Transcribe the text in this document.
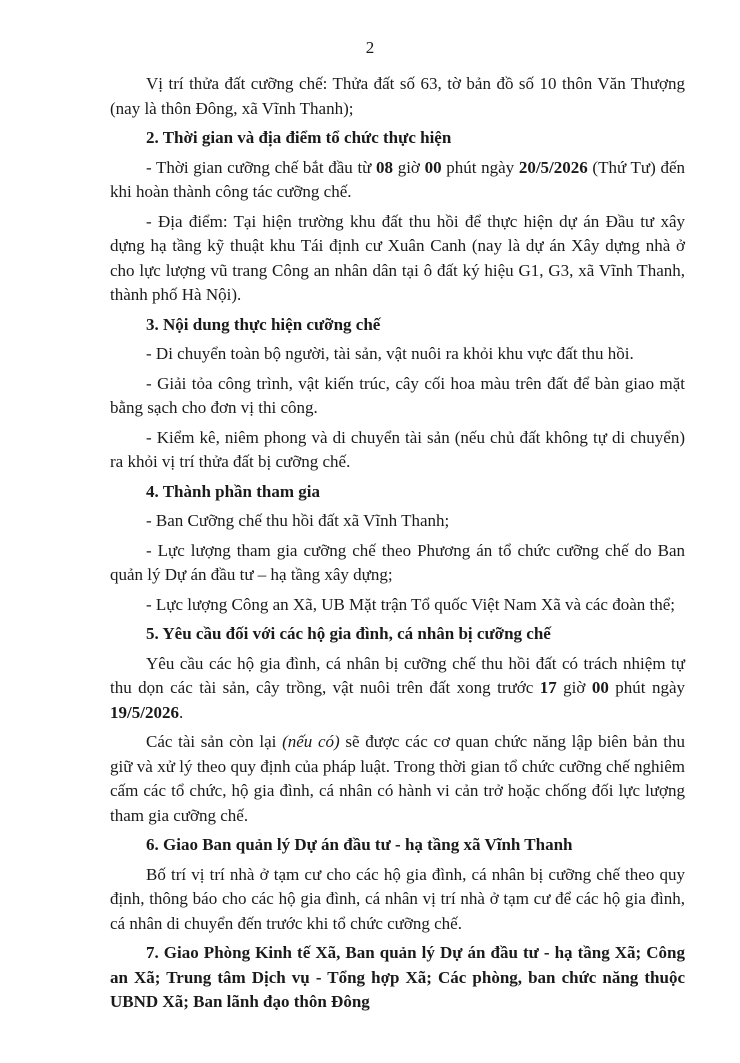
2

Vị trí thửa đất cưỡng chế: Thửa đất số 63, tờ bản đồ số 10 thôn Văn Thượng (nay là thôn Đông, xã Vĩnh Thanh);

2. Thời gian và địa điểm tổ chức thực hiện

- Thời gian cưỡng chế bắt đầu từ 08 giờ 00 phút ngày 20/5/2026 (Thứ Tư) đến khi hoàn thành công tác cưỡng chế.

- Địa điểm: Tại hiện trường khu đất thu hồi để thực hiện dự án Đầu tư xây dựng hạ tầng kỹ thuật khu Tái định cư Xuân Canh (nay là dự án Xây dựng nhà ở cho lực lượng vũ trang Công an nhân dân tại ô đất ký hiệu G1, G3, xã Vĩnh Thanh, thành phố Hà Nội).

3. Nội dung thực hiện cưỡng chế

- Di chuyển toàn bộ người, tài sản, vật nuôi ra khỏi khu vực đất thu hồi.

- Giải tỏa công trình, vật kiến trúc, cây cối hoa màu trên đất để bàn giao mặt bằng sạch cho đơn vị thi công.

- Kiểm kê, niêm phong và di chuyển tài sản (nếu chủ đất không tự di chuyển) ra khỏi vị trí thửa đất bị cưỡng chế.

4. Thành phần tham gia

- Ban Cưỡng chế thu hồi đất xã Vĩnh Thanh;

- Lực lượng tham gia cưỡng chế theo Phương án tổ chức cưỡng chế do Ban quản lý Dự án đầu tư – hạ tầng xây dựng;

- Lực lượng Công an Xã, UB Mặt trận Tổ quốc Việt Nam Xã và các đoàn thể;

5. Yêu cầu đối với các hộ gia đình, cá nhân bị cưỡng chế

Yêu cầu các hộ gia đình, cá nhân bị cưỡng chế thu hồi đất có trách nhiệm tự thu dọn các tài sản, cây trồng, vật nuôi trên đất xong trước 17 giờ 00 phút ngày 19/5/2026.

Các tài sản còn lại (nếu có) sẽ được các cơ quan chức năng lập biên bản thu giữ và xử lý theo quy định của pháp luật. Trong thời gian tổ chức cưỡng chế nghiêm cấm các tổ chức, hộ gia đình, cá nhân có hành vi cản trở hoặc chống đối lực lượng tham gia cưỡng chế.

6. Giao Ban quản lý Dự án đầu tư - hạ tầng xã Vĩnh Thanh

Bố trí vị trí nhà ở tạm cư cho các hộ gia đình, cá nhân bị cưỡng chế theo quy định, thông báo cho các hộ gia đình, cá nhân vị trí nhà ở tạm cư để các hộ gia đình, cá nhân di chuyển đến trước khi tổ chức cưỡng chế.

7. Giao Phòng Kinh tế Xã, Ban quản lý Dự án đầu tư - hạ tầng Xã; Công an Xã; Trung tâm Dịch vụ - Tổng hợp Xã; Các phòng, ban chức năng thuộc UBND Xã; Ban lãnh đạo thôn Đông
